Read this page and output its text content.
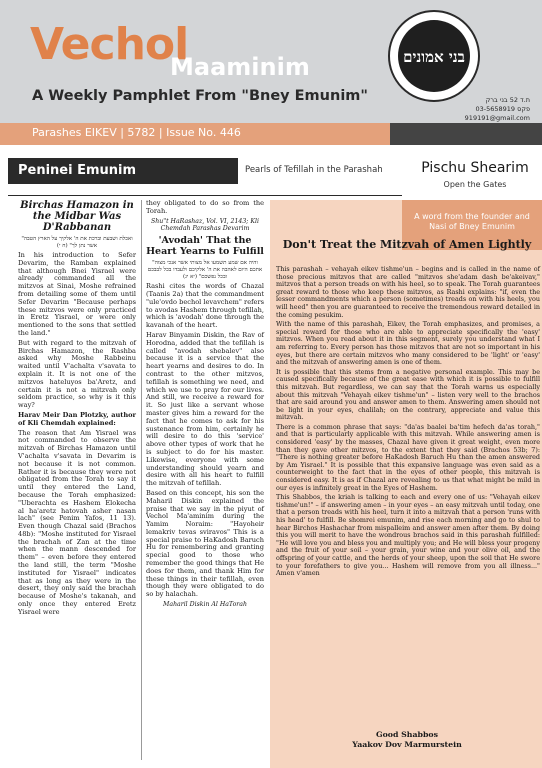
Vechol
Maaminim
A Weekly Pamphlet From "Bney Emunim"
Parashes EIKEV | 5782 | Issue No. 446
בני אמונים
ת.ד 52 בני ברק
03-5658919 פקס
919191@gmail.com
Peninei Emunim	Pearls of Tefillah in the Parashah	Pischu Shearim
Open the Gates
A word from the founder and Nasi of Bney Emunim
Don't Treat the Mitzvah of Amen Lightly

This parashah – vehayah eikev tishme'un – begins and is called in the name of those precious mitzvos that are called "mitzvos she'adam dash be'akeivav," mitzvos that a person treads on with his heel, so to speak. The Torah guarantees great reward to those who keep these mitzvos, as Rashi explains: "if, even the lesser commandments which a person (sometimes) treads on with his heels, you will heed" then you are guaranteed to receive the tremendous reward detailed in the coming pesukim.

With the name of this parashah, Eikev, the Torah emphasizes, and promises, a special reward for those who are able to appreciate specifically the 'easy' mitzvos. When you read about it in this segment, surely you understand what I am referring to. Every person has those mitzvos that are not so important in his eyes, but there are certain mitzvos who many considered to be 'light' or 'easy' and the mitzvah of answering amen is one of them.

It is possible that this stems from a negative personal example. This may be caused specifically because of the great ease with which it is possible to fulfill this mitzvah. But regardless, we can say that the Torah warns us especially about this mitzvah "Vehayah eikev tishme'un" – listen very well to the brachos that are said around you and answer amen to them. Answering amen should not be light in your eyes, chalilah; on the contrary, appreciate and value this mitzvah.

There is a common phrase that says: "da'as baalei ba'tim hefech da'as torah," and that is particularly applicable with this mitzvah. While answering amen is considered 'easy' by the masses, Chazal have given it great weight, even more than they gave other mitzvos, to the extent that they said (Brachos 53b; 7): "There is nothing greater before HaKadosh Baruch Hu than the amen answered by Am Yisrael." It is possible that this expansive language was even said as a counterweight to the fact that in the eyes of other people, this mitzvah is considered easy. It is as if Chazal are revealing to us that what might be mild in our eyes is infinitely great in the Eyes of Hashem.

This Shabbos, the kriah is talking to each and every one of us: "Vehayah eikev tishme'un!" – if answering amen – in your eyes – an easy mitzvah until today, one that a person treads with his heel, turn it into a mitzvah that a person 'runs with his head' to fulfill. Be shomrei emunim, and rise each morning and go to shul to hear Birchos Hashachar from mispalleim and answer amen after them. By doing this you will merit to have the wondrous brachos said in this parashah fulfilled: "He will love you and bless you and multiply you; and He will bless your progeny and the fruit of your soil – your grain, your wine and your olive oil, and the offspring of your cattle, and the herds of your sheep, upon the soil that He swore to your forefathers to give you... Hashem will remove from you all illness..." Amen v'amen

Good Shabbos
Yaakov Dov Marmurstein
Birchas Hamazon in the Midbar Was D'Rabbanan
"ואכלת ושבעת וברכת את ה' אלקיך על הארץ הטבה אשר נתן לך" (ח י)

In his introduction to Sefer Devarim, the Ramban explained that although Bnei Yisrael were already commanded all the mitzvos at Sinai, Moshe refrained from detailing some of them until Sefer Devarim "Because perhaps these mitzvos were only practiced in Eretz Yisrael, or were only mentioned to the sons that settled the land."

But with regard to the mitzvah of Birchas Hamazon, the Rashba asked why Moshe Rabbeinu waited until V'achalta v'savata to explain it. It is not one of the mitzvos hateluyos ba'Aretz, and certain it is not a mitzvah only seldom practice, so why is it this way?

Harav Meir Dan Plotzky, author of Kli Chemdah explained:

The reason that Am Yisrael was not commanded to observe the mitzvah of Birchas Hamazon until V'achalta v'savata in Devarim is not because it is not common. Rather it is because they were not obligated from the Torah to say it until they entered the Land, because the Torah emphasized: "Uberachta es Hashem Elokecha al ha'aretz hatovah asher nasan lach" (see Penim Yafos, 11 13). Even though Chazal said (Brachos 48b): "Moshe instituted for Yisrael the brachah of Zan at the time when the mann descended for them" – even before they entered the land still, the term "Moshe instituted for Yisrael" indicates that as long as they were in the desert, they only said the brachah because of Moshe's takanah, and only once they entered Eretz Yisrael were

they obligated to do so from the Torah.

Shu"t HaRashaz, Vol. VI, 2143; Kli Chemdah Parashas Devarim
'Avodah' That the Heart Yearns to Fulfill
"והיה אם שמע תשמעו אל מצותי אשר אנכי מצוה אתכם היום לאהבה את ה' אלקיכם ולעבדו בכל לבבכם ובכל נפשכם" (יא יג)

Rashi cites the words of Chazal (Taanis 2a) that the commandment "ule'ovdo bechol levavchem" refers to avodas Hashem through tefillah, which is 'avodah' done through the kavanah of the heart.

Harav Binyamin Diskin, the Rav of Horodna, added that the tefillah is called "avodah shebalev" also because it is a service that the heart yearns and desires to do. In contrast to the other mitzvos, tefillah is something we need, and which we use to pray for our lives. And still, we receive a reward for it. So just like a servant whose master gives him a reward for the fact that he comes to ask for his sustenance from him, certainly he will desire to do this 'service' above other types of work that he is subject to do for his master. Likewise, everyone with some understanding should yearn and desire with all his heart to fulfill the mitzvah of tefillah.

Based on this concept, his son the Maharil Diskin explained the praise that we say in the piyut of Vechol Ma'aminim during the Yamim Noraim: "Hayoheir lemakriv tevas sviravos" This is a special praise to HaKadosh Baruch Hu for remembering and granting special good to those who remember the good things that He does for them, and thank Him for these things in their tefillah, even though they were obligated to do so by halachah.

Maharil Diskin Al HaTorah
